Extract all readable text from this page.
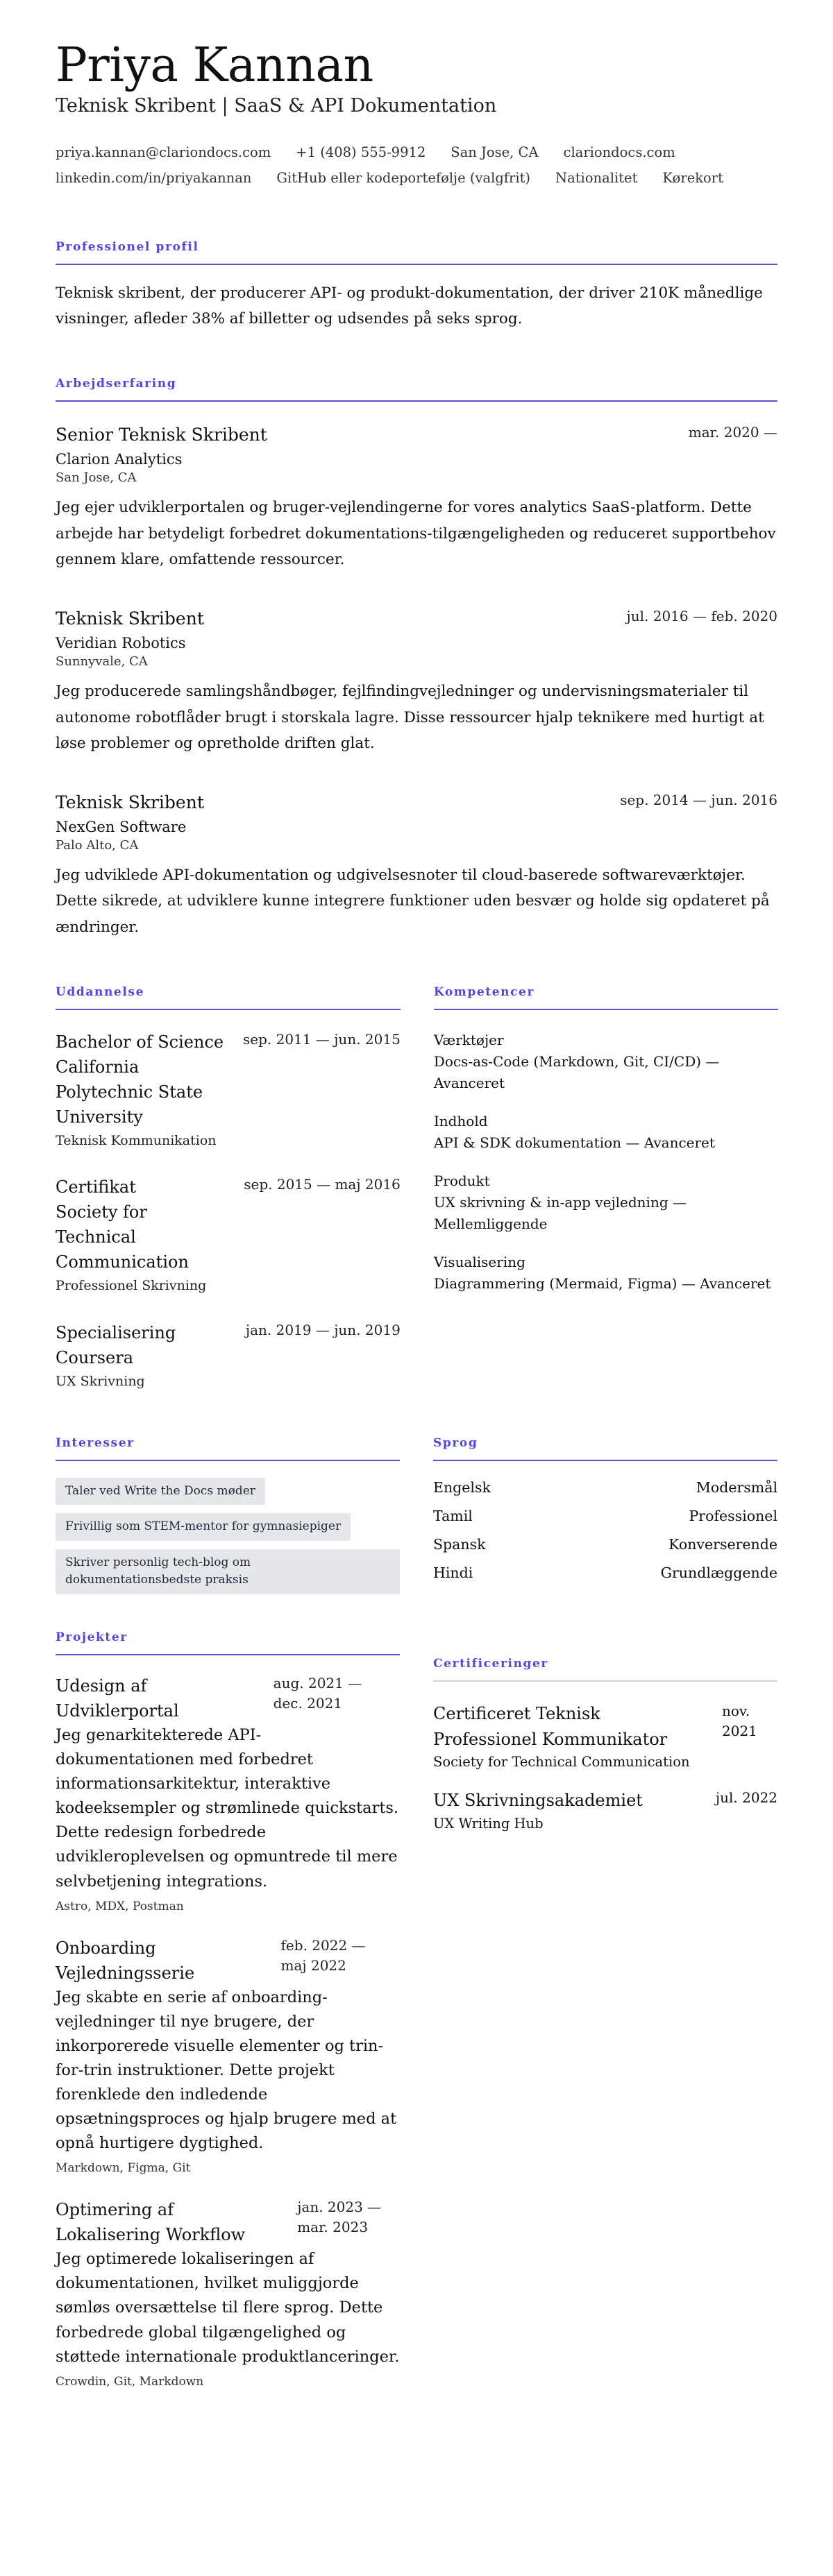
Priya Kannan
Teknisk Skribent | SaaS & API Dokumentation
priya.kannan@clariondocs.com +1 (408) 555-9912 San Jose, CA clariondocs.com
linkedin.com/in/priyakannan GitHub eller kodeportefølje (valgfrit) Nationalitet Kørekort
Professionel profil

Teknisk skribent, der producerer API- og produkt-dokumentation, der driver 210K månedlige visninger, afleder 38% af billetter og udsendes på seks sprog.

Arbejdserfaring
Senior Teknisk Skribent	mar. 2020 —
Clarion Analytics
San Jose, CA

Jeg ejer udviklerportalen og bruger-vejlendingerne for vores analytics SaaS-platform. Dette arbejde har betydeligt forbedret dokumentations-tilgængeligheden og reduceret supportbehov gennem klare, omfattende ressourcer.

Teknisk Skribent	jul. 2016 — feb. 2020
Veridian Robotics
Sunnyvale, CA

Jeg producerede samlingshåndbøger, fejlfindingvejledninger og undervisningsmaterialer til autonome robotflåder brugt i storskala lagre. Disse ressourcer hjalp teknikere med hurtigt at løse problemer og opretholde driften glat.

Teknisk Skribent	sep. 2014 — jun. 2016
NexGen Software
Palo Alto, CA

Jeg udviklede API-dokumentation og udgivelsesnoter til cloud-baserede softwareværktøjer. Dette sikrede, at udviklere kunne integrere funktioner uden besvær og holde sig opdateret på ændringer.

Uddannelse
Bachelor of Science
California Polytechnic State University
Teknisk Kommunikation
sep. 2011 — jun. 2015
Certifikat
Society for Technical Communication
Professionel Skrivning
sep. 2015 — maj 2016
Specialisering
Coursera
UX Skrivning
jan. 2019 — jun. 2019
Kompetencer
Værktøjer
Docs-as-Code (Markdown, Git, CI/CD) — Avanceret
Indhold
API & SDK dokumentation — Avanceret
Produkt
UX skrivning & in-app vejledning — Mellemliggende
Visualisering
Diagrammering (Mermaid, Figma) — Avanceret
Interesser
Taler ved Write the Docs møder
Frivillig som STEM-mentor for gymnasiepiger
Skriver personlig tech-blog om dokumentationsbedste praksis
Projekter
Udesign af Udviklerportal
aug. 2021 — dec. 2021

Jeg genarkitekterede API-dokumentationen med forbedret informationsarkitektur, interaktive kodeeksempler og strømlinede quickstarts. Dette redesign forbedrede udvikleroplevelsen og opmuntrede til mere selvbetjening integrations.

Astro, MDX, Postman
Onboarding Vejledningsserie
feb. 2022 — maj 2022

Jeg skabte en serie af onboarding-vejledninger til nye brugere, der inkorporerede visuelle elementer og trin-for-trin instruktioner. Dette projekt forenklede den indledende opsætningsproces og hjalp brugere med at opnå hurtigere dygtighed.

Markdown, Figma, Git
Optimering af Lokalisering Workflow
jan. 2023 — mar. 2023

Jeg optimerede lokaliseringen af dokumentationen, hvilket muliggjorde sømløs oversættelse til flere sprog. Dette forbedrede global tilgængelighed og støttede internationale produktlanceringer.

Crowdin, Git, Markdown
Sprog
Engelsk	Modersmål
Tamil	Professionel
Spansk	Konverserende
Hindi	Grundlæggende
Certificeringer
Certificeret Teknisk Professionel Kommunikator
Society for Technical Communication
nov. 2021
UX Skrivningsakademiet
UX Writing Hub
jul. 2022
